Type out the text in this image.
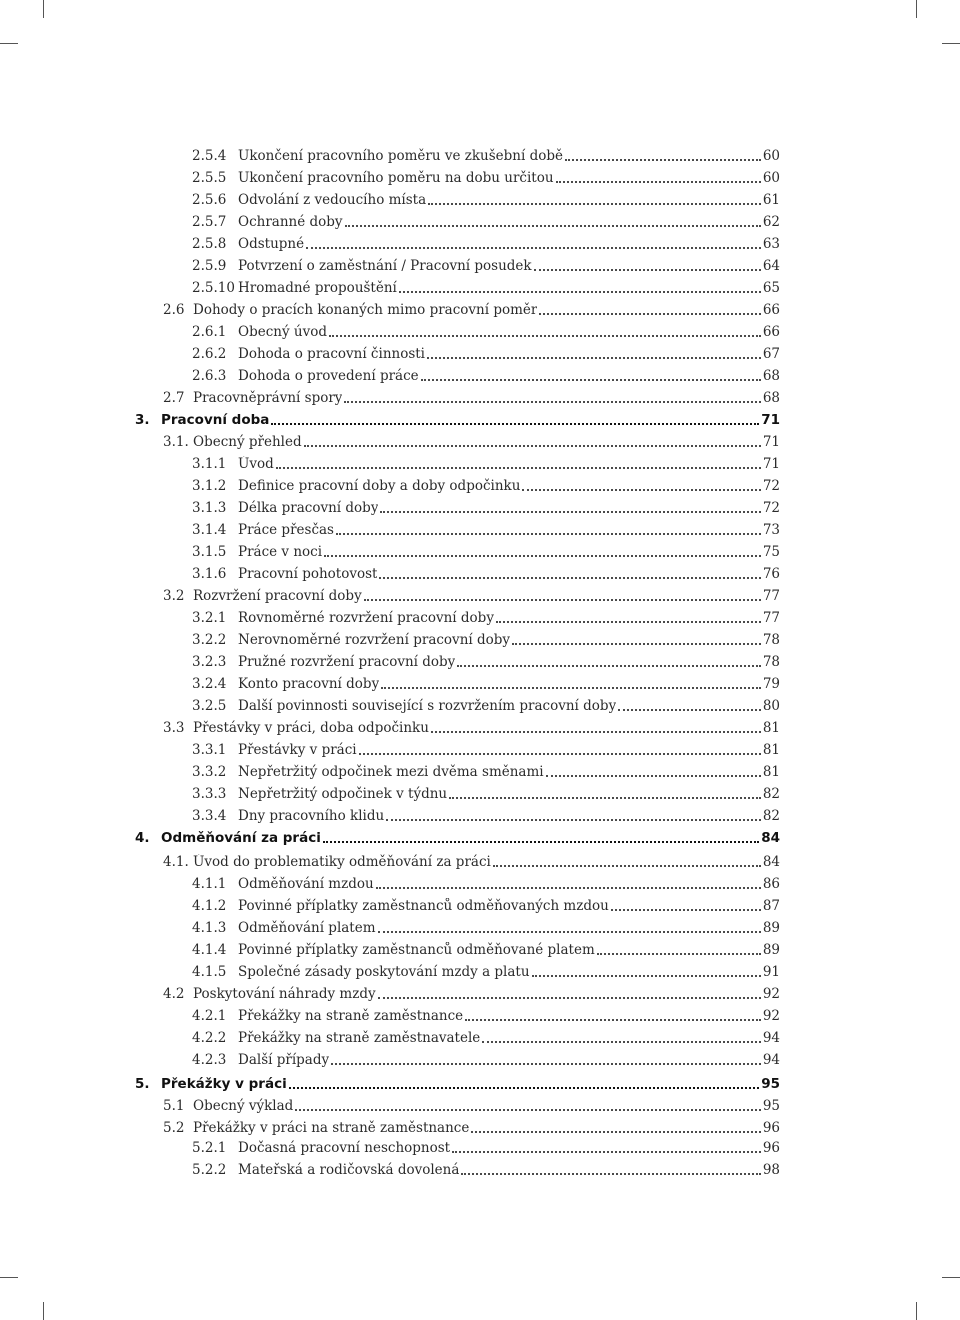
2.5.4 Ukončení pracovního poměru ve zkušební době	60
2.5.5 Ukončení pracovního poměru na dobu určitou	60
2.5.6 Odvolání z vedoucího místa	61
2.5.7 Ochranné doby	62
2.5.8 Odstupné	63
2.5.9 Potvrzení o zaměstnání / Pracovní posudek	64
2.5.10 Hromadné propouštění	65
2.6 Dohody o pracích konaných mimo pracovní poměr	66
2.6.1 Obecný úvod	66
2.6.2 Dohoda o pracovní činnosti	67
2.6.3 Dohoda o provedení práce	68
2.7 Pracovněprávní spory	68
3. Pracovní doba	71
3.1. Obecný přehled	71
3.1.1 Úvod	71
3.1.2 Definice pracovní doby a doby odpočinku	72
3.1.3 Délka pracovní doby	72
3.1.4 Práce přesčas	73
3.1.5 Práce v noci	75
3.1.6 Pracovní pohotovost	76
3.2 Rozvržení pracovní doby	77
3.2.1 Rovnoměrné rozvržení pracovní doby	77
3.2.2 Nerovnoměrné rozvržení pracovní doby	78
3.2.3 Pružné rozvržení pracovní doby	78
3.2.4 Konto pracovní doby	79
3.2.5 Další povinnosti související s rozvržením pracovní doby	80
3.3 Přestávky v práci, doba odpočinku	81
3.3.1 Přestávky v práci	81
3.3.2 Nepřetržitý odpočinek mezi dvěma směnami	81
3.3.3 Nepřetržitý odpočinek v týdnu	82
3.3.4 Dny pracovního klidu	82
4. Odměňování za práci	84
4.1. Úvod do problematiky odměňování za práci	84
4.1.1 Odměňování mzdou	86
4.1.2 Povinné příplatky zaměstnanců odměňovaných mzdou	87
4.1.3 Odměňování platem	89
4.1.4 Povinné příplatky zaměstnanců odměňované platem	89
4.1.5 Společné zásady poskytování mzdy a platu	91
4.2 Poskytování náhrady mzdy	92
4.2.1 Překážky na straně zaměstnance	92
4.2.2 Překážky na straně zaměstnavatele	94
4.2.3 Další případy	94
5. Překážky v práci	95
5.1 Obecný výklad	95
5.2 Překážky v práci na straně zaměstnance	96
5.2.1 Dočasná pracovní neschopnost	96
5.2.2 Mateřská a rodičovská dovolená	98
